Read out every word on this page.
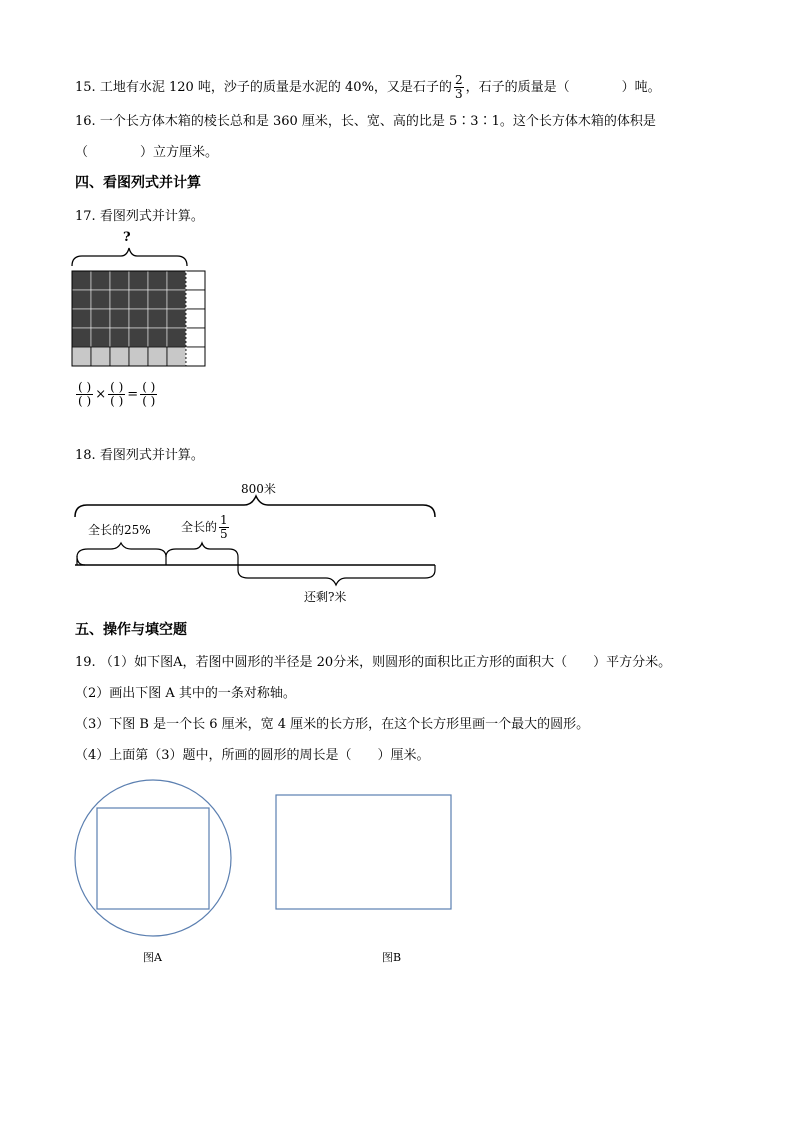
15. 工地有水泥 120 吨，沙子的质量是水泥的 40%，又是石子的 $\frac{2}{3}$ ，石子的质量是（　　　　）吨。
16. 一个长方体木箱的棱长总和是 360 厘米，长、宽、高的比是 5∶3∶1。这个长方体木箱的体积是
（　　　　）立方厘米。
四、看图列式并计算
17. 看图列式并计算。
?
$\frac{( )}{( )} \times \frac{( )}{( )} = \frac{( )}{( )}$
18. 看图列式并计算。
800米
全长的25%	全长的 $\frac{1}{5}$
还剩?米
五、操作与填空题
19. （1）如下图A，若图中圆形的半径是 20分米，则圆形的面积比正方形的面积大（　　）平方分米。
（2）画出下图 A 其中的一条对称轴。
（3）下图 B 是一个长 6 厘米，宽 4 厘米的长方形，在这个长方形里画一个最大的圆形。
（4）上面第（3）题中，所画的圆形的周长是（　　）厘米。
图A	图B
